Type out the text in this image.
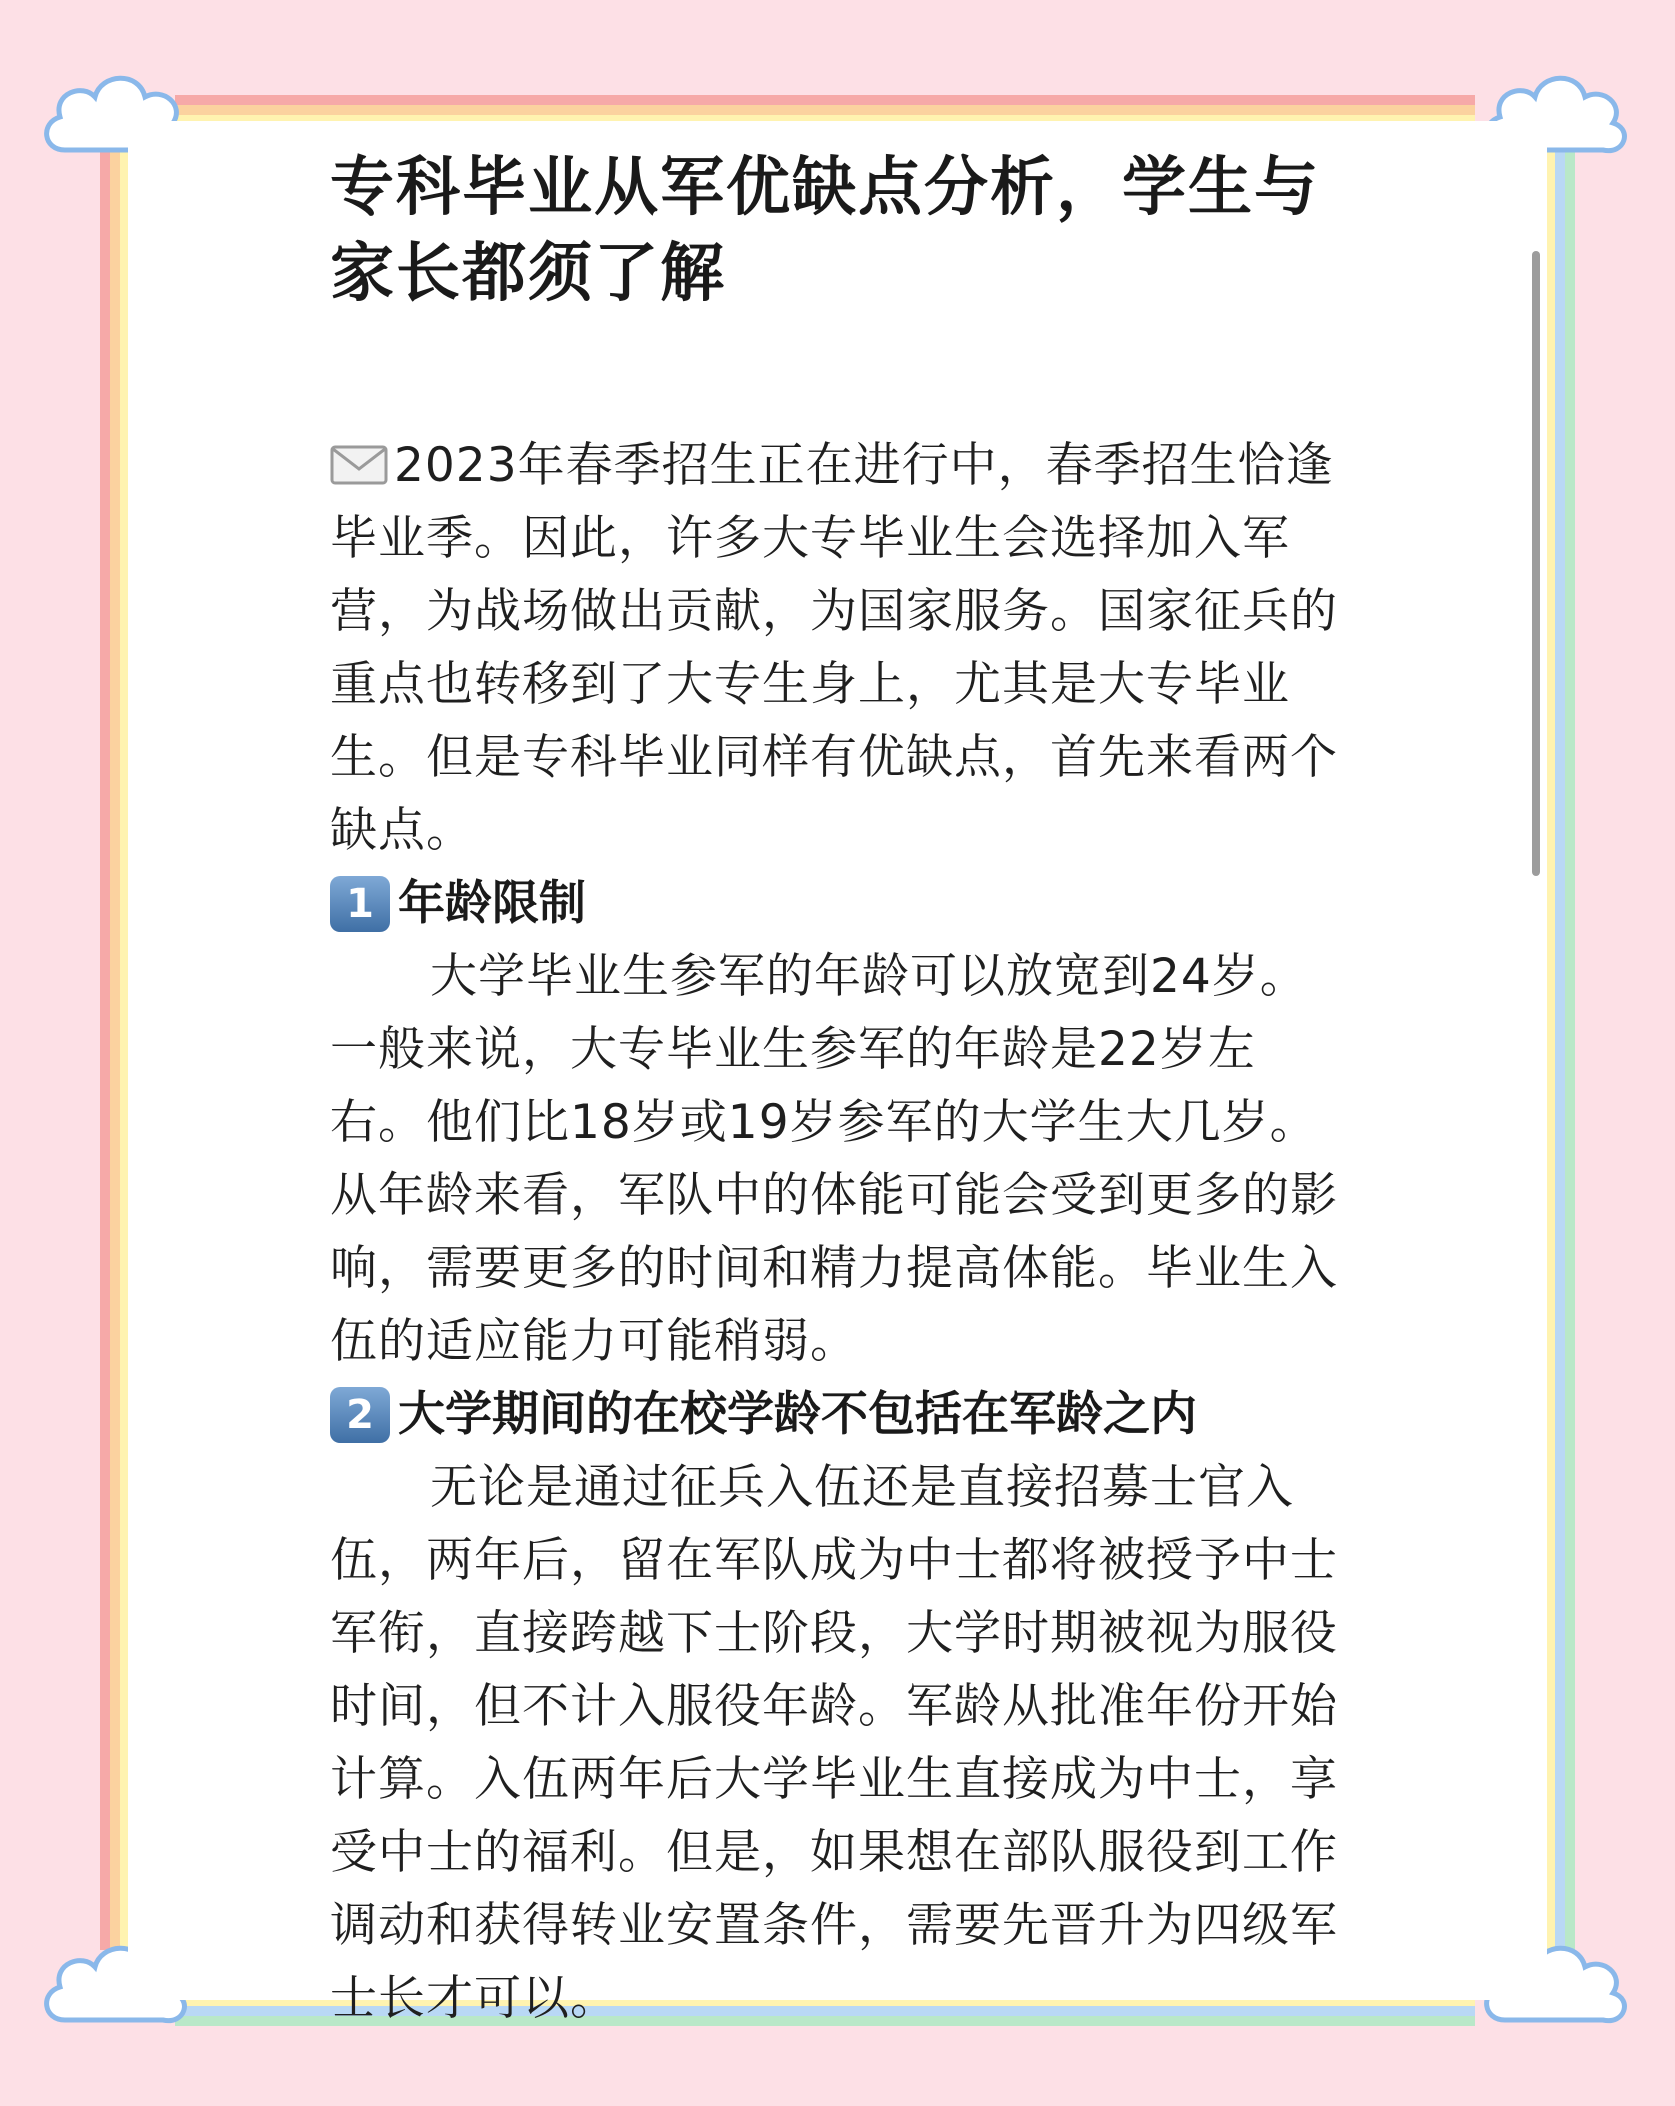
专科毕业从军优缺点分析，学生与家长都须了解

2023年春季招生正在进行中，春季招生恰逢毕业季。因此，许多大专毕业生会选择加入军营，为战场做出贡献，为国家服务。国家征兵的重点也转移到了大专生身上，尤其是大专毕业生。但是专科毕业同样有优缺点，首先来看两个缺点。

1 年龄限制

大学毕业生参军的年龄可以放宽到24岁。一般来说，大专毕业生参军的年龄是22岁左右。他们比18岁或19岁参军的大学生大几岁。从年龄来看，军队中的体能可能会受到更多的影响，需要更多的时间和精力提高体能。毕业生入伍的适应能力可能稍弱。

2 大学期间的在校学龄不包括在军龄之内

无论是通过征兵入伍还是直接招募士官入伍，两年后，留在军队成为中士都将被授予中士军衔，直接跨越下士阶段，大学时期被视为服役时间，但不计入服役年龄。军龄从批准年份开始计算。入伍两年后大学毕业生直接成为中士，享受中士的福利。但是，如果想在部队服役到工作调动和获得转业安置条件，需要先晋升为四级军士长才可以。
